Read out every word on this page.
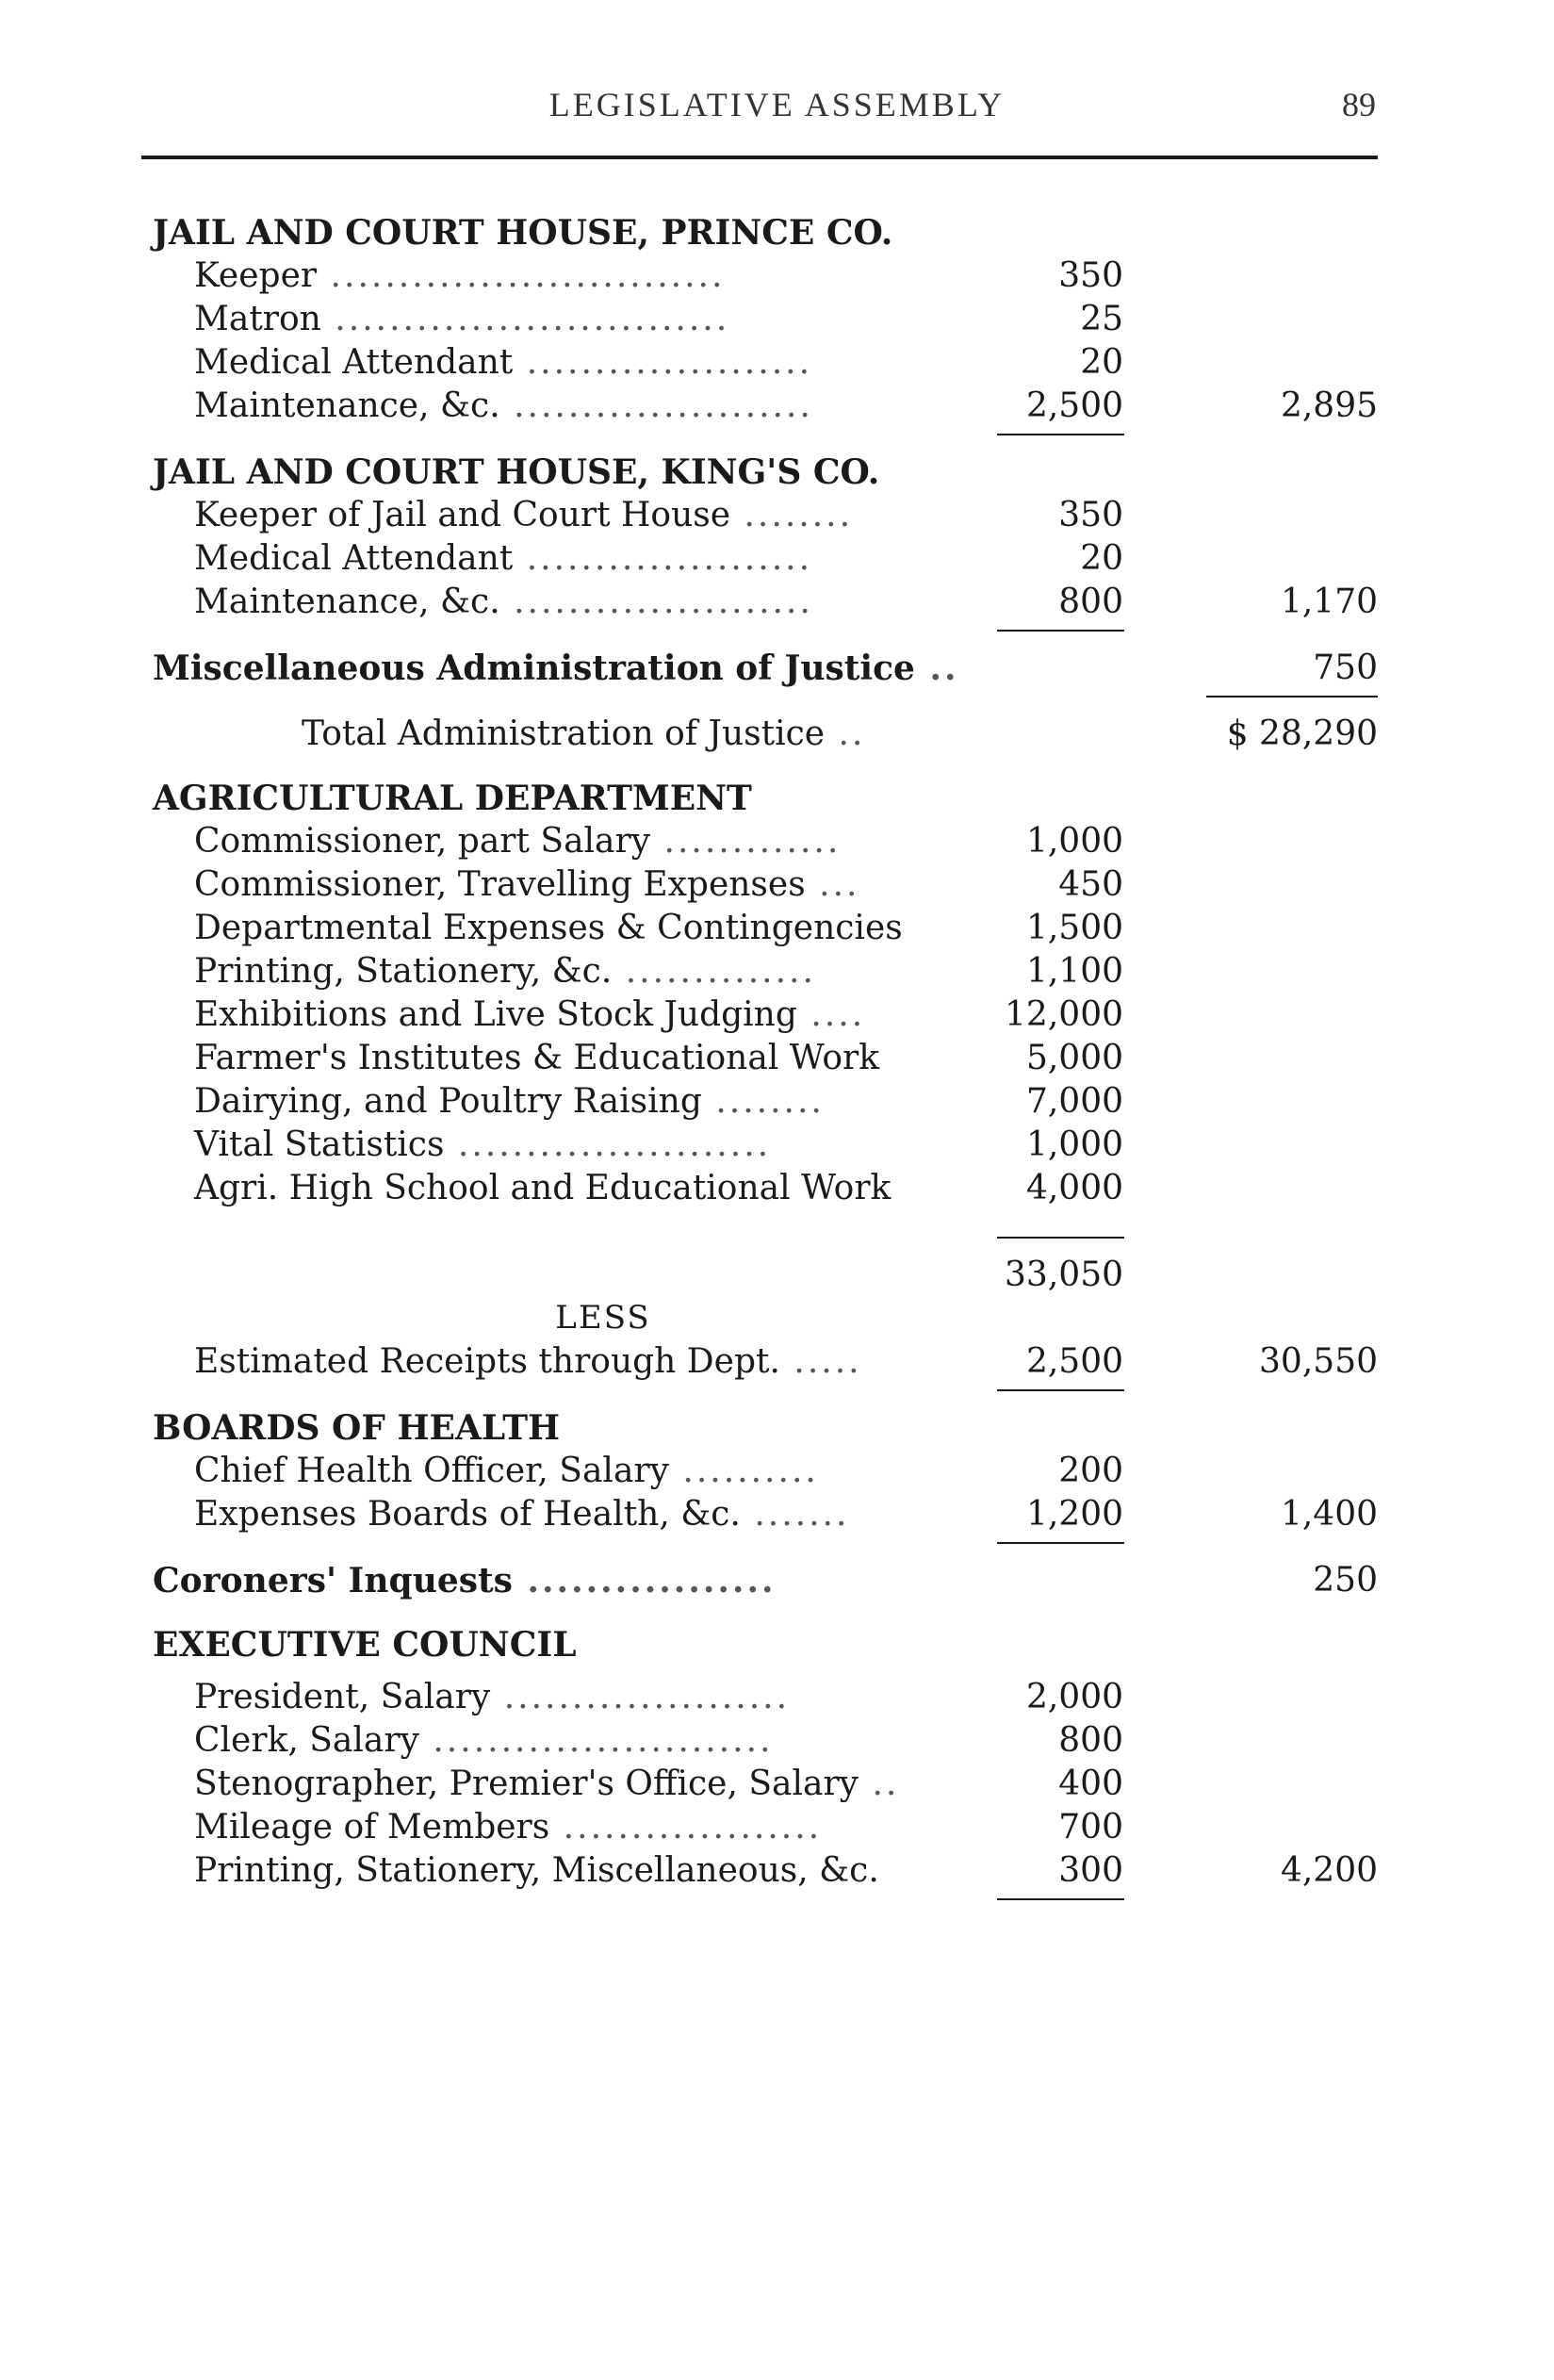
LEGISLATIVE ASSEMBLY	89
JAIL AND COURT HOUSE, PRINCE CO.
Keeper .............................	350
Matron .............................	25
Medical Attendant .....................	20
Maintenance, &c. ......................	2,500	2,895
JAIL AND COURT HOUSE, KING'S CO.
Keeper of Jail and Court House ........	350
Medical Attendant .....................	20
Maintenance, &c. ......................	800	1,170
Miscellaneous Administration of Justice ..	750
Total Administration of Justice ..	$ 28,290
AGRICULTURAL DEPARTMENT
Commissioner, part Salary .............	1,000
Commissioner, Travelling Expenses ...	450
Departmental Expenses & Contingencies	1,500
Printing, Stationery, &c. ..............	1,100
Exhibitions and Live Stock Judging ....	12,000
Farmer's Institutes & Educational Work	5,000
Dairying, and Poultry Raising ........	7,000
Vital Statistics .......................	1,000
Agri. High School and Educational Work	4,000
33,050
LESS
Estimated Receipts through Dept. .....	2,500	30,550
BOARDS OF HEALTH
Chief Health Officer, Salary ..........	200
Expenses Boards of Health, &c. .......	1,200	1,400
Coroners' Inquests .................	250
EXECUTIVE COUNCIL
President, Salary .....................	2,000
Clerk, Salary .........................	800
Stenographer, Premier's Office, Salary ..	400
Mileage of Members ...................	700
Printing, Stationery, Miscellaneous, &c.	300	4,200
